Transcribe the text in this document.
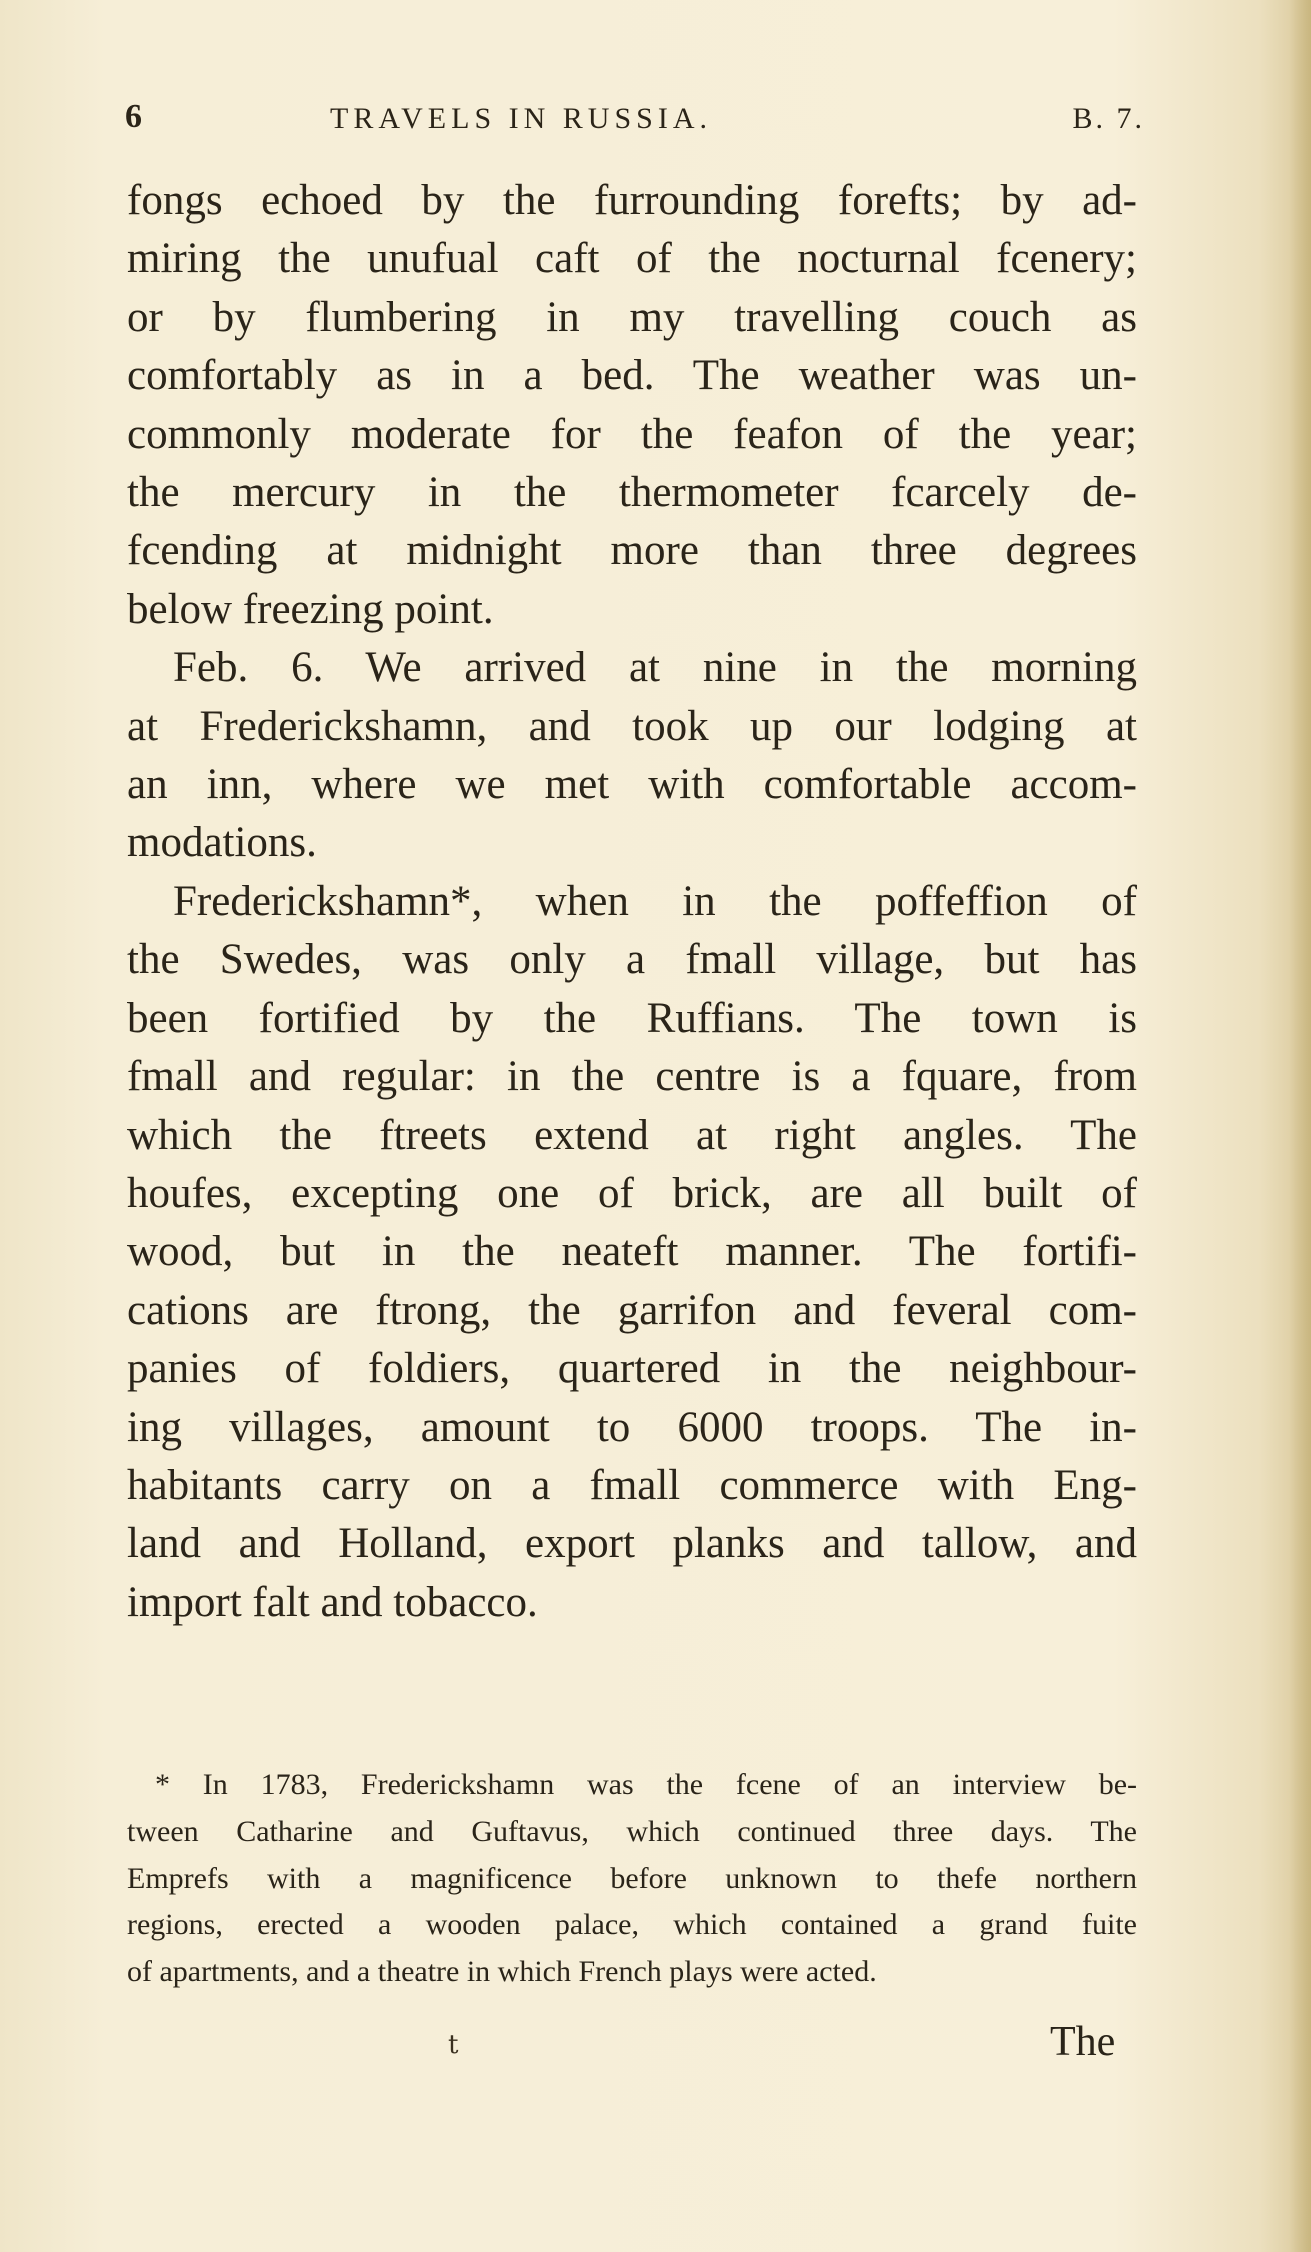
6	TRAVELS IN RUSSIA.	B. 7.

fongs echoed by the furrounding forefts; by ad-
miring the unufual caft of the nocturnal fcenery;
or by flumbering in my travelling couch as
comfortably as in a bed. The weather was un-
commonly moderate for the feafon of the year;
the mercury in the thermometer fcarcely de-
fcending at midnight more than three degrees
below freezing point.

Feb. 6. We arrived at nine in the morning
at Frederickshamn, and took up our lodging at
an inn, where we met with comfortable accom-
modations.

Frederickshamn*, when in the poffeffion of
the Swedes, was only a fmall village, but has
been fortified by the Ruffians. The town is
fmall and regular: in the centre is a fquare, from
which the ftreets extend at right angles. The
houfes, excepting one of brick, are all built of
wood, but in the neateft manner. The fortifi-
cations are ftrong, the garrifon and feveral com-
panies of foldiers, quartered in the neighbour-
ing villages, amount to 6000 troops. The in-
habitants carry on a fmall commerce with Eng-
land and Holland, export planks and tallow, and
import falt and tobacco.

* In 1783, Frederickshamn was the fcene of an interview be-
tween Catharine and Guftavus, which continued three days. The
Emprefs with a magnificence before unknown to thefe northern
regions, erected a wooden palace, which contained a grand fuite
of apartments, and a theatre in which French plays were acted.
t	The
